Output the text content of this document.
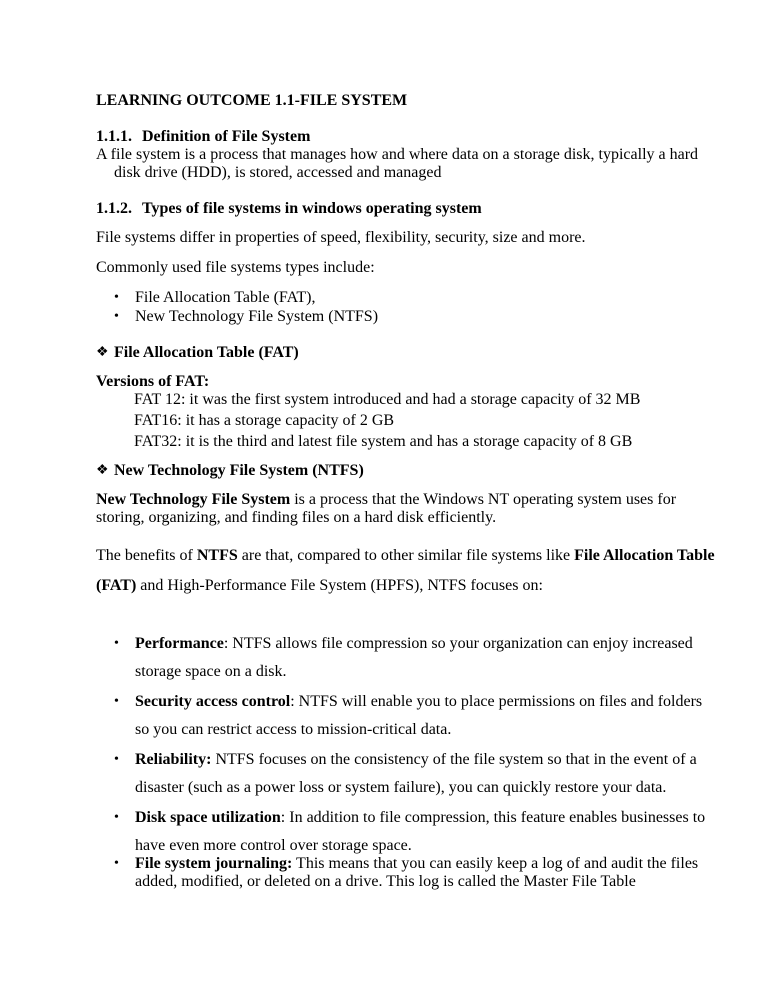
LEARNING OUTCOME 1.1-FILE SYSTEM
1.1.1. Definition of File System
A file system is a process that manages how and where data on a storage disk, typically a hard
disk drive (HDD), is stored, accessed and managed
1.1.2. Types of file systems in windows operating system
File systems differ in properties of speed, flexibility, security, size and more.
Commonly used file systems types include:
• File Allocation Table (FAT),
• New Technology File System (NTFS)
❖ File Allocation Table (FAT)
Versions of FAT:
FAT 12: it was the first system introduced and had a storage capacity of 32 MB
FAT16: it has a storage capacity of 2 GB
FAT32: it is the third and latest file system and has a storage capacity of 8 GB
❖ New Technology File System (NTFS)
New Technology File System is a process that the Windows NT operating system uses for
storing, organizing, and finding files on a hard disk efficiently.
The benefits of NTFS are that, compared to other similar file systems like File Allocation Table
(FAT) and High-Performance File System (HPFS), NTFS focuses on:
• Performance: NTFS allows file compression so your organization can enjoy increased
storage space on a disk.
• Security access control: NTFS will enable you to place permissions on files and folders
so you can restrict access to mission-critical data.
• Reliability: NTFS focuses on the consistency of the file system so that in the event of a
disaster (such as a power loss or system failure), you can quickly restore your data.
• Disk space utilization: In addition to file compression, this feature enables businesses to
have even more control over storage space.
• File system journaling: This means that you can easily keep a log of and audit the files
added, modified, or deleted on a drive. This log is called the Master File Table
